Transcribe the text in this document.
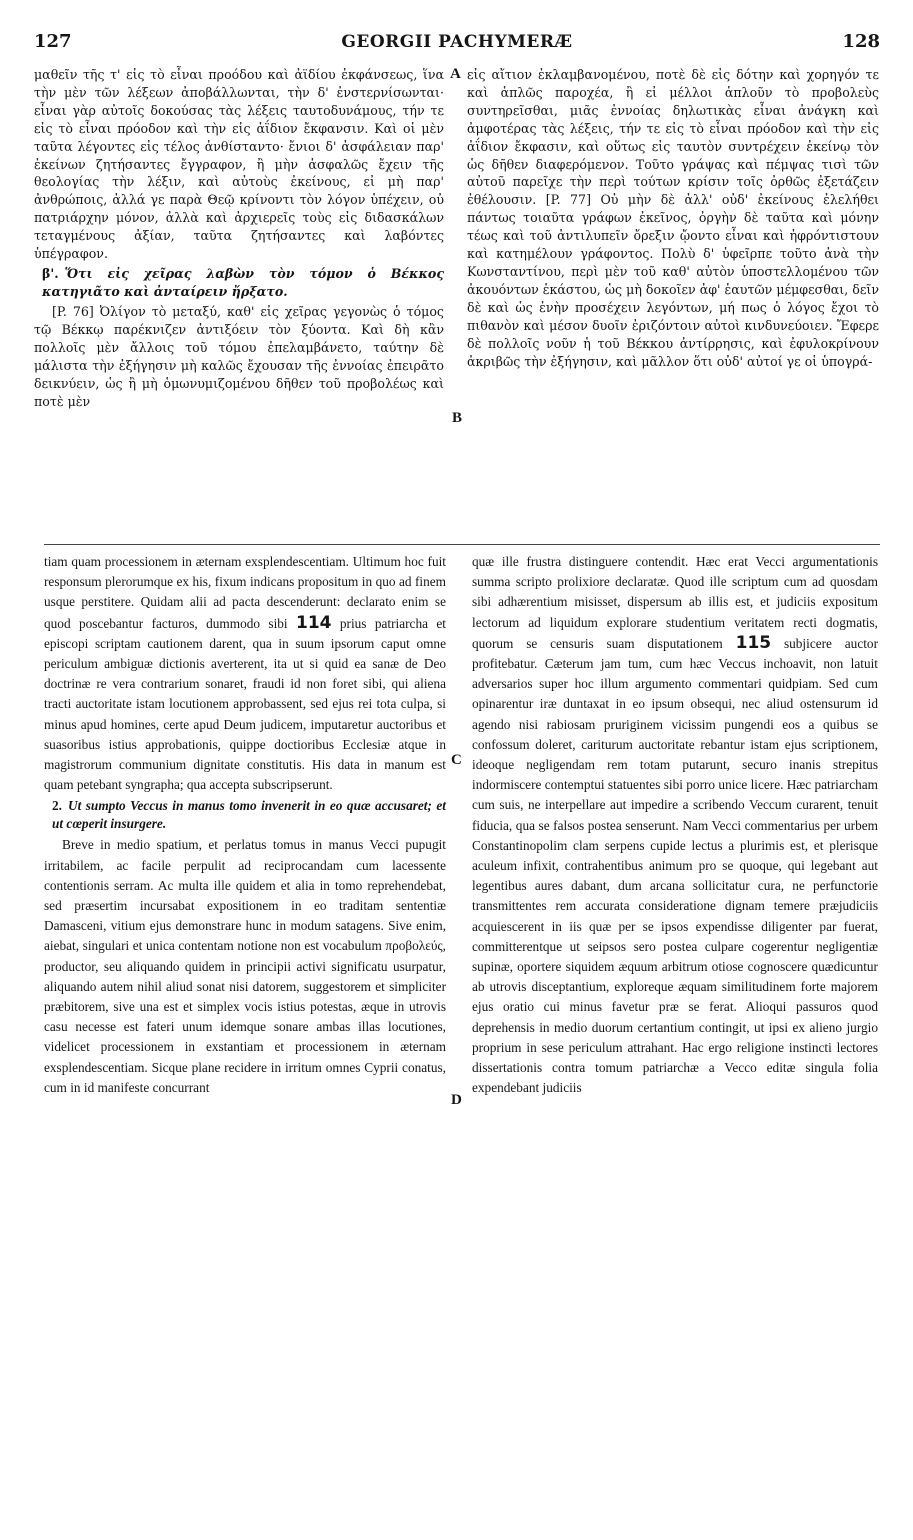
127	GEORGII PACHYMERÆ	128

μαθεῖν τῆς τ' εἰς τὸ εἶναι προόδου καὶ ἀϊδίου ἐκφάνσεως, ἵνα τὴν μὲν τῶν λέξεων ἀποβάλλωνται, τὴν δ' ἐνστερνίσωνται· εἶναι γὰρ αὐτοῖς δοκούσας τὰς λέξεις ταυτοδυνάμους, τήν τε εἰς τὸ εἶναι πρόοδον καὶ τὴν εἰς ἀΐδιον ἔκφανσιν. Καὶ οἱ μὲν ταῦτα λέγοντες εἰς τέλος ἀνθίσταντο· ἔνιοι δ' ἀσφάλειαν παρ' ἐκείνων ζητήσαντες ἔγγραφον, ἢ μὴν ἀσφαλῶς ἔχειν τῆς θεολογίας τὴν λέξιν, καὶ αὐτοὺς ἐκείνους, εἰ μὴ παρ' ἀνθρώποις, ἀλλά γε παρὰ Θεῷ κρίνοντι τὸν λόγον ὑπέχειν, οὐ πατριάρχην μόνον, ἀλλὰ καὶ ἀρχιερεῖς τοὺς εἰς διδασκάλων τεταγμένους ἀξίαν, ταῦτα ζητήσαντες καὶ λαβόντες ὑπέγραφον.

β'. Ὅτι εἰς χεῖρας λαβὼν τὸν τόμον ὁ Βέκκος κατηγιᾶτο καὶ ἀνταίρειν ἤρξατο.

[P. 76] Ὀλίγον τὸ μεταξύ, καθ' εἰς χεῖρας γεγονὼς ὁ τόμος τῷ Βέκκῳ παρέκνιζεν ἀντιξόειν τὸν ξύοντα. Καὶ δὴ κἂν πολλοῖς μὲν ἄλλοις τοῦ τόμου ἐπελαμβάνετο, ταύτην δὲ μάλιστα τὴν ἐξήγησιν μὴ καλῶς ἔχουσαν τῆς ἐννοίας ἐπειρᾶτο δεικνύειν, ὡς ἢ μὴ ὁμωνυμιζομένου δῆθεν τοῦ προβολέως καὶ ποτὲ μὲν

εἰς αἴτιον ἐκλαμβανομένου, ποτὲ δὲ εἰς δότην καὶ χορηγόν τε καὶ ἁπλῶς παροχέα, ἢ εἰ μέλλοι ἁπλοῦν τὸ προβολεὺς συντηρεῖσθαι, μιᾶς ἐννοίας δηλωτικὰς εἶναι ἀνάγκη καὶ ἀμφοτέρας τὰς λέξεις, τήν τε εἰς τὸ εἶναι πρόοδον καὶ τὴν εἰς ἀΐδιον ἔκφασιν, καὶ οὕτως εἰς ταυτὸν συντρέχειν ἐκείνῳ τὸν ὡς δῆθεν διαφερόμενον. Τοῦτο γράψας καὶ πέμψας τισὶ τῶν αὐτοῦ παρεῖχε τὴν περὶ τούτων κρίσιν τοῖς ὀρθῶς ἐξετάζειν ἐθέλουσιν. [P. 77] Οὐ μὴν δὲ ἀλλ' οὐδ' ἐκείνους ἐλελήθει πάντως τοιαῦτα γράφων ἐκεῖνος, ὀργὴν δὲ ταῦτα καὶ μόνην τέως καὶ τοῦ ἀντιλυπεῖν ὄρεξιν ᾤοντο εἶναι καὶ ἠφρόντιστουν καὶ κατημέλουν γράφοντος. Πολὺ δ' ὑφεῖρπε τοῦτο ἀνὰ τὴν Κωνσταντίνου, περὶ μὲν τοῦ καθ' αὐτὸν ὑποστελλομένου τῶν ἀκουόντων ἑκάστου, ὡς μὴ δοκοῖεν ἀφ' ἑαυτῶν μέμφεσθαι, δεῖν δὲ καὶ ὡς ἐνὴν προσέχειν λεγόντων, μή πως ὁ λόγος ἔχοι τὸ πιθανὸν καὶ μέσον δυοῖν ἐριζόντοιν αὐτοὶ κινδυνεύοιεν. Ἔφερε δὲ πολλοῖς νοῦν ἡ τοῦ Βέκκου ἀντίρρησις, καὶ ἐφυλοκρίνουν ἀκριβῶς τὴν ἐξήγησιν, καὶ μᾶλλον ὅτι οὐδ' αὐτοί γε οἱ ὑπογρά-

tiam quam processionem in æternam exsplendescentiam. Ultimum hoc fuit responsum plerorumque ex his, fixum indicans propositum in quo ad finem usque perstitere. Quidam alii ad pacta descenderunt: declarato enim se quod poscebantur facturos, dummodo sibi 114 prius patriarcha et episcopi scriptam cautionem darent, qua in suum ipsorum caput omne periculum ambiguæ dictionis averterent, ita ut si quid ea sanæ de Deo doctrinæ re vera contrarium sonaret, fraudi id non foret sibi, qui aliena tracti auctoritate istam locutionem approbassent, sed ejus rei tota culpa, si minus apud homines, certe apud Deum judicem, imputaretur auctoribus et suasoribus istius approbationis, quippe doctioribus Ecclesiæ atque in magistrorum communium dignitate constitutis. His data in manum est quam petebant syngrapha; qua accepta subscripserunt.

2. Ut sumpto Veccus in manus tomo invenerit in eo quæ accusaret; et ut cœperit insurgere.

Breve in medio spatium, et perlatus tomus in manus Vecci pupugit irritabilem, ac facile perpulit ad reciprocandam cum lacessente contentionis serram. Ac multa ille quidem et alia in tomo reprehendebat, sed præsertim incursabat expositionem in eo traditam sententiæ Damasceni, vitium ejus demonstrare hunc in modum satagens. Sive enim, aiebat, singulari et unica contentam notione non est vocabulum προβολεύς, productor, seu aliquando quidem in principii activi significatu usurpatur, aliquando autem nihil aliud sonat nisi datorem, suggestorem et simpliciter præbitorem, sive una est et simplex vocis istius potestas, æque in utrovis casu necesse est fateri unum idemque sonare ambas illas locutiones, videlicet processionem in exstantiam et processionem in æternam exsplendescentiam. Sicque plane recidere in irritum omnes Cyprii conatus, cum in id manifeste concurrant

quæ ille frustra distinguere contendit. Hæc erat Vecci argumentationis summa scripto prolixiore declaratæ. Quod ille scriptum cum ad quosdam sibi adhærentium misisset, dispersum ab illis est, et judiciis expositum lectorum ad liquidum explorare studentium veritatem recti dogmatis, quorum se censuris suam disputationem 115 subjicere auctor profitebatur. Cæterum jam tum, cum hæc Veccus inchoavit, non latuit adversarios super hoc illum argumento commentari quidpiam. Sed cum opinarentur iræ duntaxat in eo ipsum obsequi, nec aliud ostensurum id agendo nisi rabiosam pruriginem vicissim pungendi eos a quibus se confossum doleret, cariturum auctoritate rebantur istam ejus scriptionem, ideoque negligendam rem totam putarunt, securo inanis strepitus indormiscere contemptui statuentes sibi porro unice licere. Hæc patriarcham cum suis, ne interpellare aut impedire a scribendo Veccum curarent, tenuit fiducia, qua se falsos postea senserunt. Nam Vecci commentarius per urbem Constantinopolim clam serpens cupide lectus a plurimis est, et plerisque aculeum infixit, contrahentibus animum pro se quoque, qui legebant aut legentibus aures dabant, dum arcana sollicitatur cura, ne perfunctorie transmittentes rem accurata consideratione dignam temere præjudiciis acquiescerent in iis quæ per se ipsos expendisse diligenter par fuerat, committerentque ut seipsos sero postea culpare cogerentur negligentiæ supinæ, oportere siquidem æquum arbitrum otiose cognoscere quædicuntur ab utrovis disceptantium, exploreque æquam similitudinem forte majorem ejus oratio cui minus favetur præ se ferat. Alioqui passuros quod deprehensis in medio duorum certantium contingit, ut ipsi ex alieno jurgio proprium in sese periculum attrahant. Hac ergo religione instincti lectores dissertationis contra tomum patriarchæ a Vecco editæ singula folia expendebant judiciis

A
B
C
D
